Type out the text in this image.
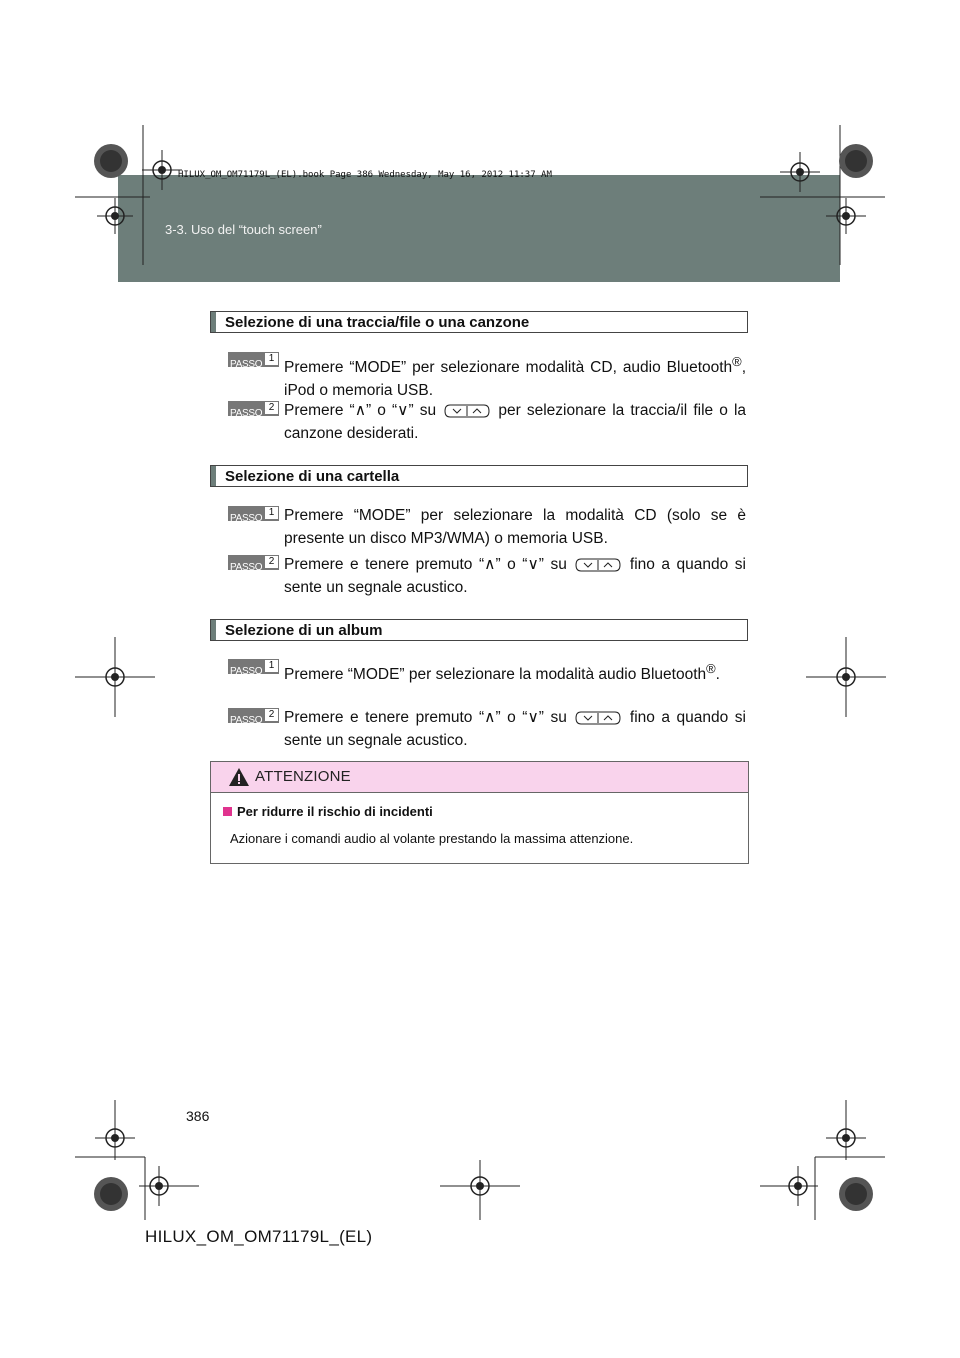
HILUX_OM_OM71179L_(EL).book Page 386 Wednesday, May 16, 2012 11:37 AM
3-3. Uso del “touch screen”
Selezione di una traccia/file o una canzone
PASSO
1
Premere “MODE” per selezionare modalità CD, audio Bluetooth®, iPod o memoria USB.
PASSO
2 Premere “∧” o “∨” su	per selezionare la traccia/il file o la canzone desiderati.
Selezione di una cartella
PASSO
1 Premere “MODE” per selezionare la modalità CD (solo se è presente un disco MP3/WMA) o memoria USB.
PASSO
2 Premere e tenere premuto “∧” o “∨” su	fino a quando si sente un segnale acustico.
Selezione di un album
PASSO
1
Premere “MODE” per selezionare la modalità audio Bluetooth®.
PASSO
2 Premere e tenere premuto “∧” o “∨” su	fino a quando si sente un segnale acustico.
ATTENZIONE
Per ridurre il rischio di incidenti
Azionare i comandi audio al volante prestando la massima attenzione.
386
HILUX_OM_OM71179L_(EL)
